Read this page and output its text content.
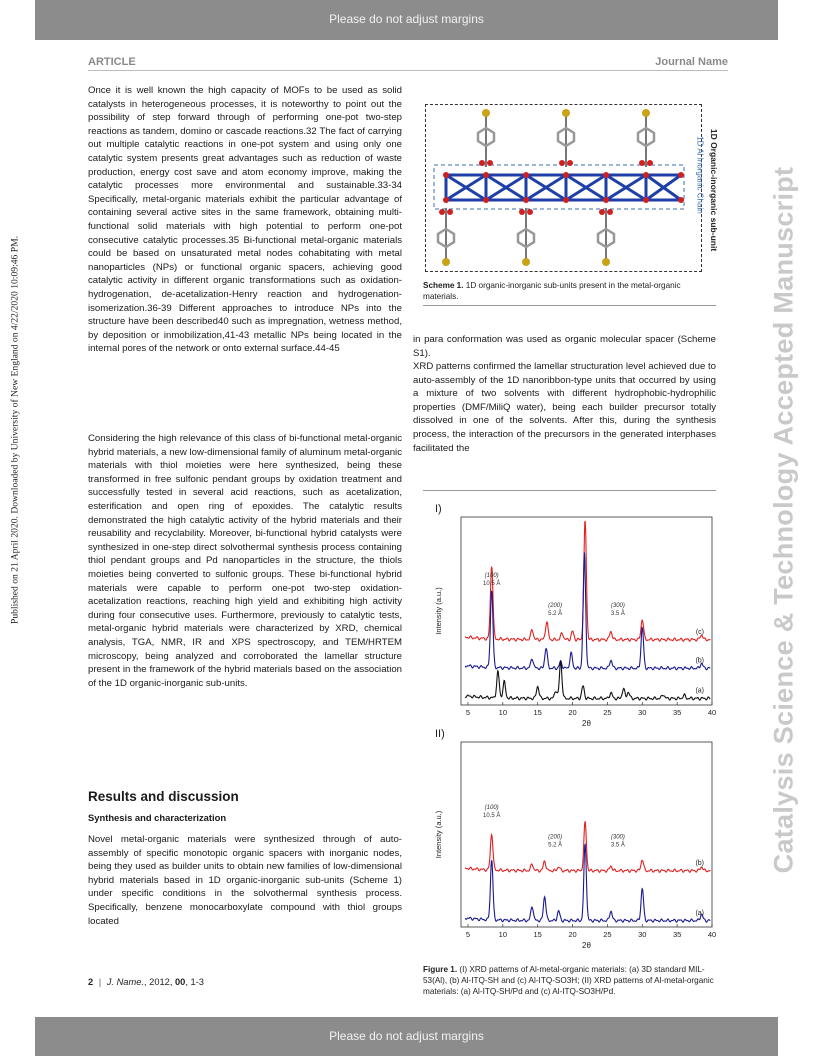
Please do not adjust margins
ARTICLE	Journal Name
Published on 21 April 2020. Downloaded by University of New England on 4/22/2020 10:09:46 PM.	Catalysis Science & Technology Accepted Manuscript
Once it is well known the high capacity of MOFs to be used as solid catalysts in heterogeneous processes, it is noteworthy to point out the possibility of step forward through of performing one-pot two-step reactions as tandem, domino or cascade reactions.32 The fact of carrying out multiple catalytic reactions in one-pot system and using only one catalytic system presents great advantages such as reduction of waste production, energy cost save and atom economy improve, making the catalytic processes more environmental and sustainable.33-34 Specifically, metal-organic materials exhibit the particular advantage of containing several active sites in the same framework, obtaining multi-functional solid materials with high potential to perform one-pot consecutive catalytic processes.35 Bi-functional metal-organic materials could be based on unsaturated metal nodes cohabitating with metal nanoparticles (NPs) or functional organic spacers, achieving good catalytic activity in different organic transformations such as oxidation-hydrogenation, de-acetalization-Henry reaction and hydrogenation-isomerization.36-39 Different approaches to introduce NPs into the structure have been described40 such as impregnation, wetness method, by deposition or inmobilization,41-43 metallic NPs being located in the internal pores of the network or onto external surface.44-45
Considering the high relevance of this class of bi-functional metal-organic hybrid materials, a new low-dimensional family of aluminum metal-organic materials with thiol moieties were here synthesized, being these transformed in free sulfonic pendant groups by oxidation treatment and successfully tested in several acid reactions, such as acetalization, esterification and open ring of epoxides. The catalytic results demonstrated the high catalytic activity of the hybrid materials and their reusability and recyclability. Moreover, bi-functional hybrid catalysts were synthesized in one-step direct solvothermal synthesis process containing thiol pendant groups and Pd nanoparticles in the structure, the thiols moieties being converted to sulfonic groups. These bi-functional hybrid materials were capable to perform one-pot two-step oxidation-acetalization reactions, reaching high yield and exhibiting high activity during four consecutive uses. Furthermore, previously to catalytic tests, metal-organic hybrid materials were characterized by XRD, chemical analysis, TGA, NMR, IR and XPS spectroscopy, and TEM/HRTEM microscopy, being analyzed and corroborated the lamellar structure present in the framework of the hybrid materials based on the association of the 1D organic-inorganic sub-units.
Results and discussion
Synthesis and characterization
Novel metal-organic materials were synthesized through of auto-assembly of specific monotopic organic spacers with inorganic nodes, being they used as builder units to obtain new families of low-dimensional hybrid materials based in 1D organic-inorganic sub-units (Scheme 1) under specific conditions in the solvothermal synthesis process. Specifically, benzene monocarboxylate compound with thiol groups located
1D Organic-inorganic sub-unit
1D Al Inorganic Chain
Scheme 1. 1D organic-inorganic sub-units present in the metal-organic materials.
in para conformation was used as organic molecular spacer (Scheme S1).
XRD patterns confirmed the lamellar structuration level achieved due to auto-assembly of the 1D nanoribbon-type units that occurred by using a mixture of two solvents with different hydrophobic-hydrophilic properties (DMF/MiliQ water), being each builder precursor totally dissolved in one of the solvents. After this, during the synthesis process, the interaction of the precursors in the generated interphases facilitated the
I)
5	10	15	20	25	30	35	40
2θ
Intensity (a.u.)	(c)
(b)
(a)
(100)
10.5 Å
(200)
5.2 Å
(300)
3.5 Å
II)
5	10	15	20	25	30	35	40
2θ
Intensity (a.u.)
(b)
(a)
(100)
10.5 Å
(200)
5.2 Å
(300)
3.5 Å
Figure 1. (I) XRD patterns of Al-metal-organic materials: (a) 3D standard MIL-53(Al), (b) Al-ITQ-SH and (c) Al-ITQ-SO3H; (II) XRD patterns of Al-metal-organic materials: (a) Al-ITQ-SH/Pd and (c) Al-ITQ-SO3H/Pd.
2 | J. Name., 2012, 00, 1-3
Please do not adjust margins
